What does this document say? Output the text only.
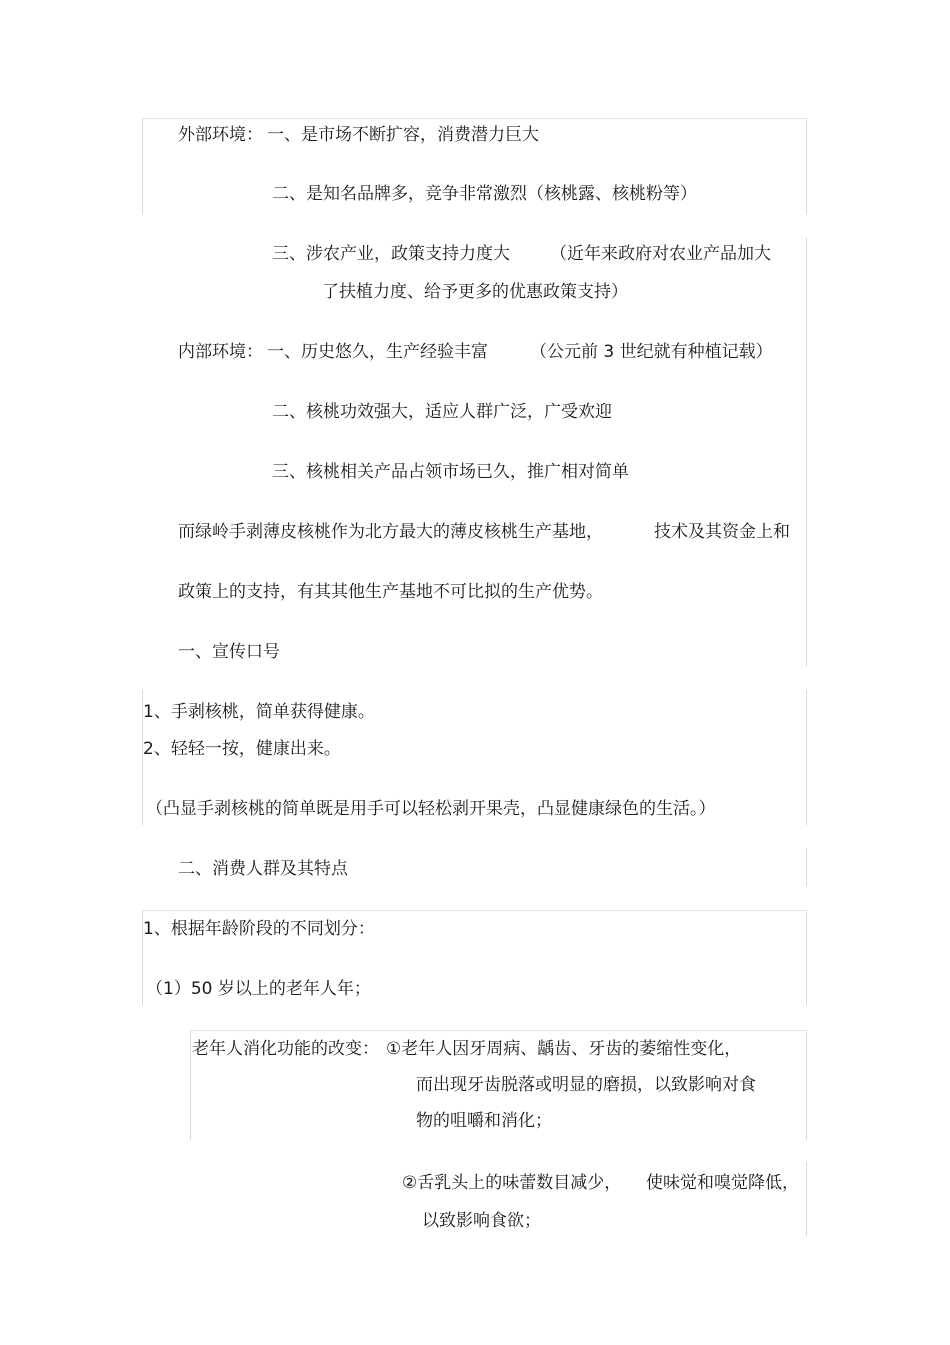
外部环境： 一、是市场不断扩容，消费潜力巨大

二、是知名品牌多，竞争非常激烈（核桃露、核桃粉等）

三、涉农产业，政策支持力度大 （近年来政府对农业产品加大

了扶植力度、给予更多的优惠政策支持）

内部环境： 一、历史悠久，生产经验丰富 （公元前 3 世纪就有种植记载）

二、核桃功效强大，适应人群广泛，广受欢迎

三、核桃相关产品占领市场已久，推广相对简单

而绿岭手剥薄皮核桃作为北方最大的薄皮核桃生产基地，	技术及其资金上和

政策上的支持，有其其他生产基地不可比拟的生产优势。

一、宣传口号

1、手剥核桃，简单获得健康。

2、轻轻一按，健康出来。

（凸显手剥核桃的简单既是用手可以轻松剥开果壳，凸显健康绿色的生活。）

二、消费人群及其特点

1、根据年龄阶段的不同划分：

（1）50 岁以上的老年人年；

老年人消化功能的改变： ①老年人因牙周病、龋齿、牙齿的萎缩性变化，

而出现牙齿脱落或明显的磨损，以致影响对食

物的咀嚼和消化；

②舌乳头上的味蕾数目减少， 使味觉和嗅觉降低，

以致影响食欲；
